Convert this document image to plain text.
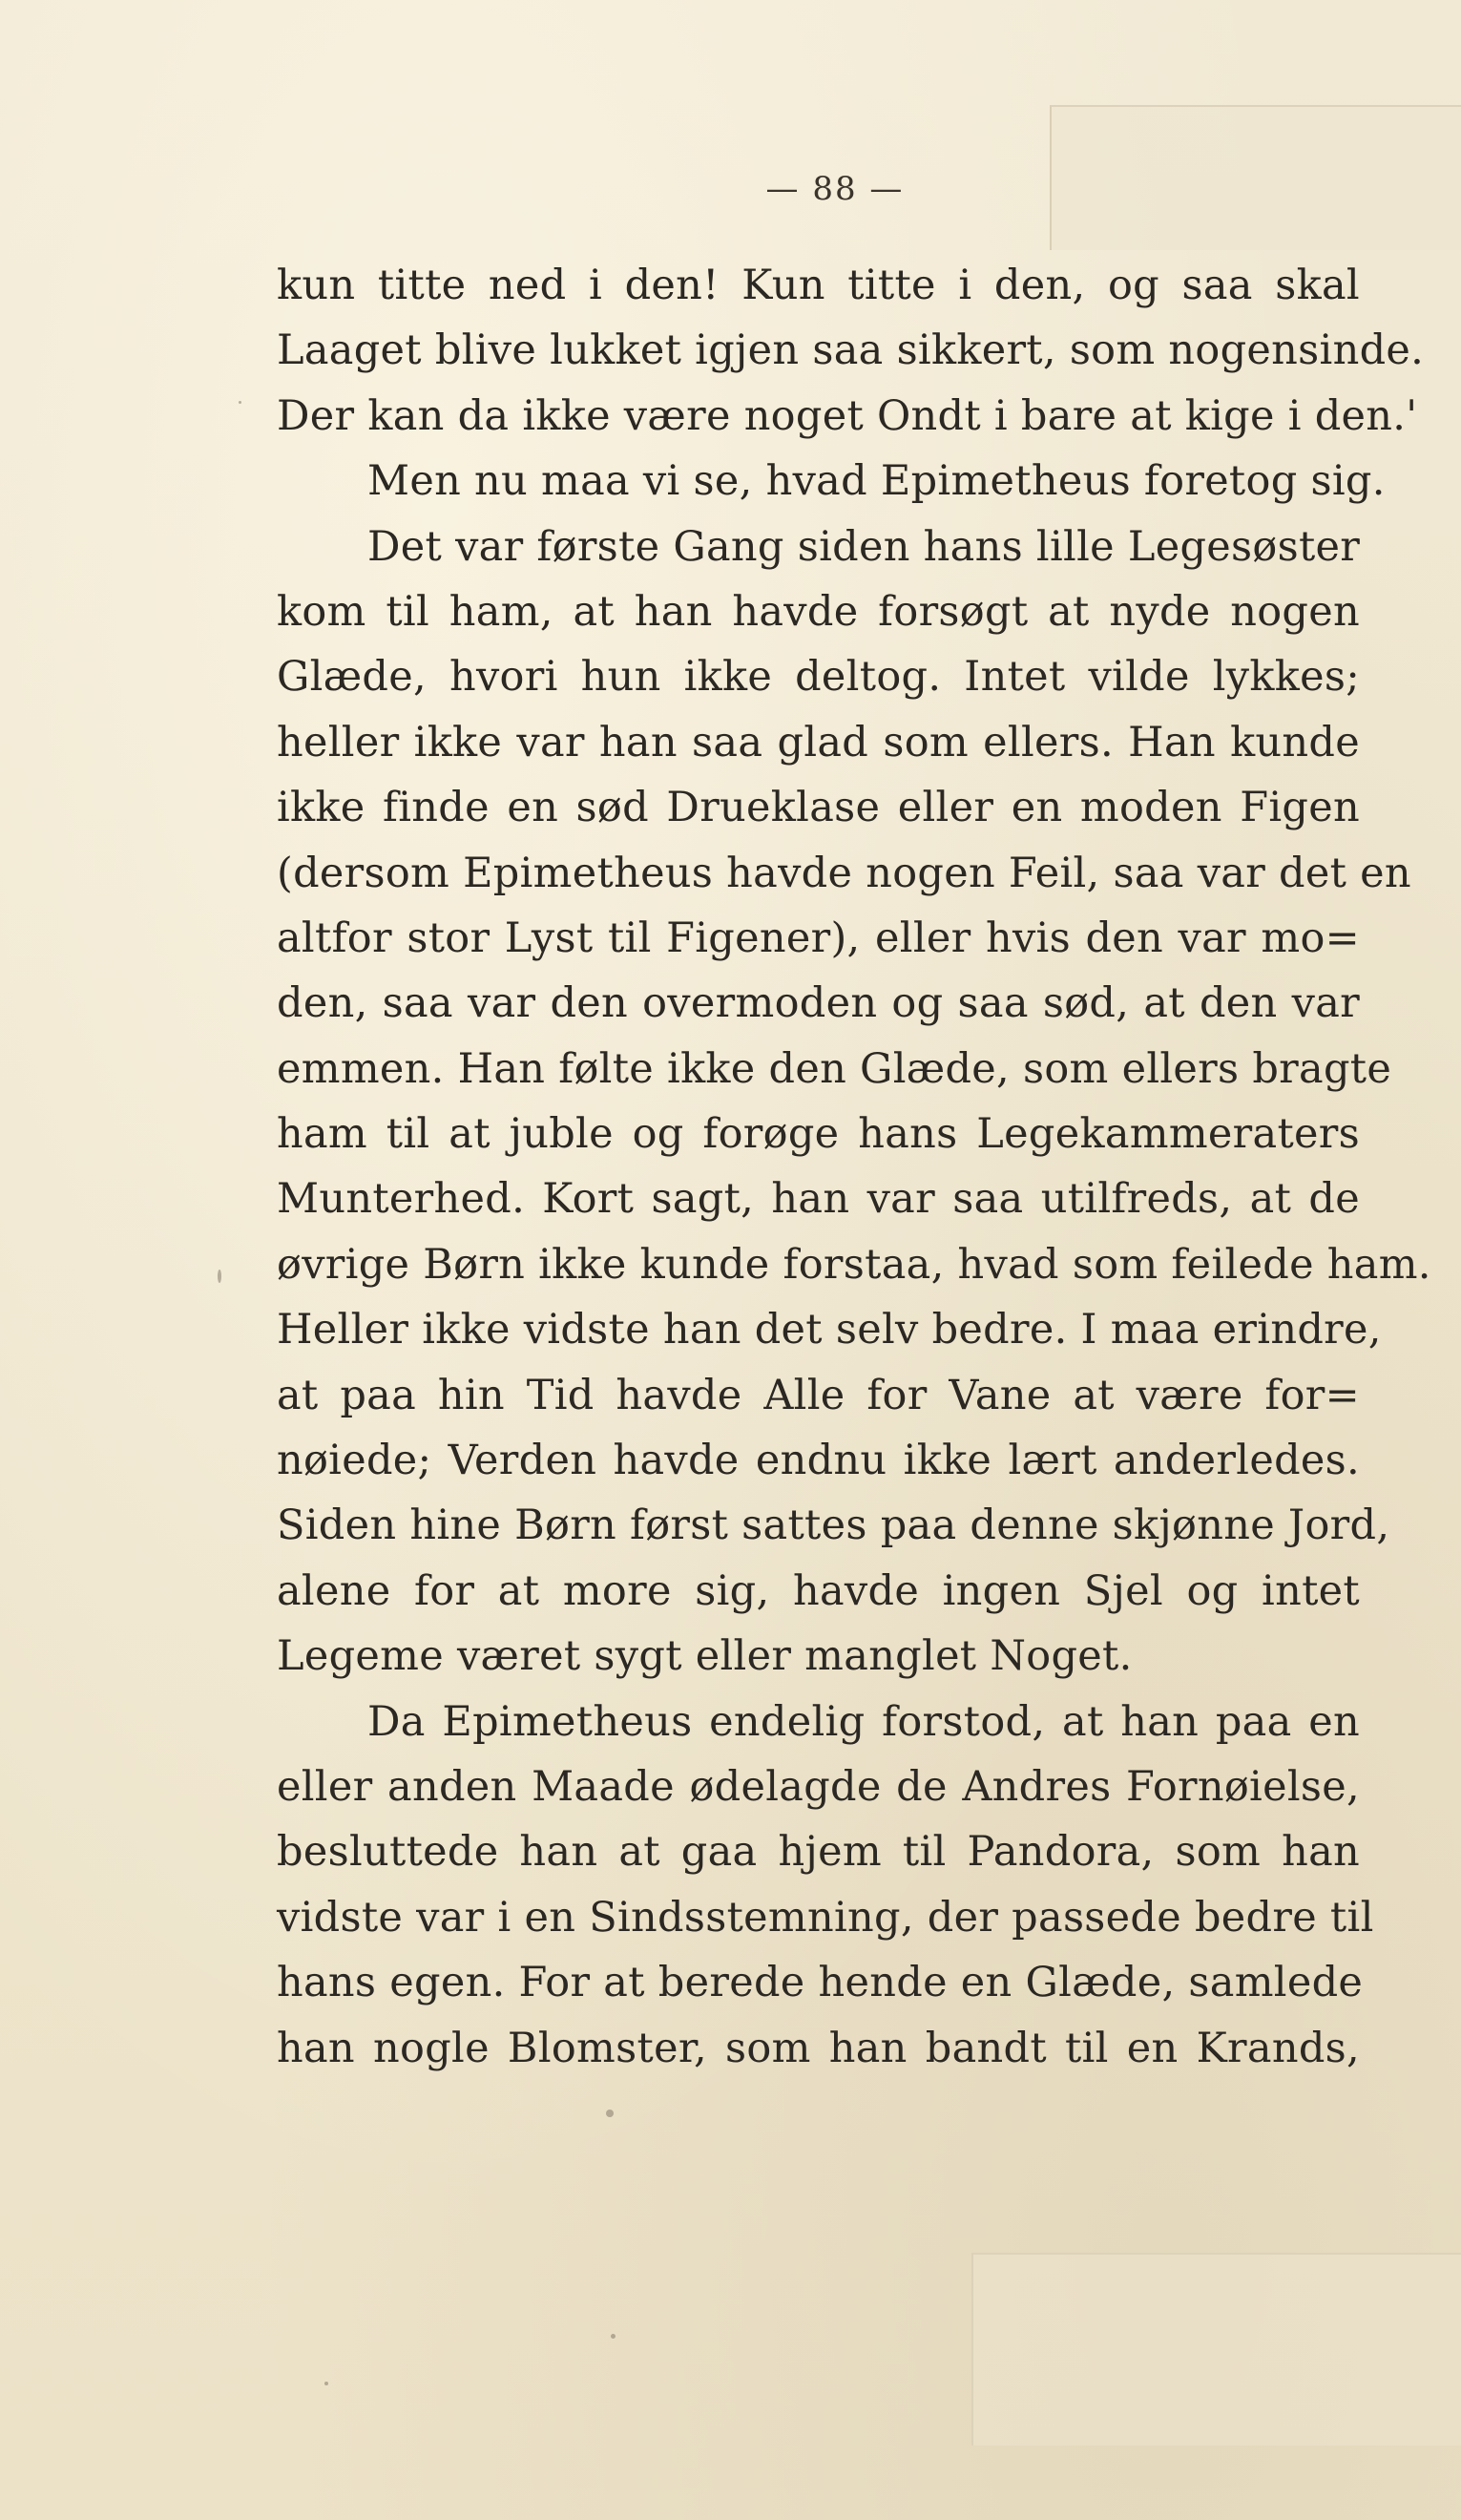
— 88 —
kun titte ned i den! Kun titte i den, og saa skal
Laaget blive lukket igjen saa sikkert, som nogensinde.
Der kan da ikke være noget Ondt i bare at kige i den.'
Men nu maa vi se, hvad Epimetheus foretog sig.
Det var første Gang siden hans lille Legesøster
kom til ham, at han havde forsøgt at nyde nogen
Glæde, hvori hun ikke deltog. Intet vilde lykkes;
heller ikke var han saa glad som ellers. Han kunde
ikke finde en sød Drueklase eller en moden Figen
(dersom Epimetheus havde nogen Feil, saa var det en
altfor stor Lyst til Figener), eller hvis den var mo=
den, saa var den overmoden og saa sød, at den var
emmen. Han følte ikke den Glæde, som ellers bragte
ham til at juble og forøge hans Legekammeraters
Munterhed. Kort sagt, han var saa utilfreds, at de
øvrige Børn ikke kunde forstaa, hvad som feilede ham.
Heller ikke vidste han det selv bedre. I maa erindre,
at paa hin Tid havde Alle for Vane at være for=
nøiede; Verden havde endnu ikke lært anderledes.
Siden hine Børn først sattes paa denne skjønne Jord,
alene for at more sig, havde ingen Sjel og intet
Legeme været sygt eller manglet Noget.
Da Epimetheus endelig forstod, at han paa en
eller anden Maade ødelagde de Andres Fornøielse,
besluttede han at gaa hjem til Pandora, som han
vidste var i en Sindsstemning, der passede bedre til
hans egen. For at berede hende en Glæde, samlede
han nogle Blomster, som han bandt til en Krands,
